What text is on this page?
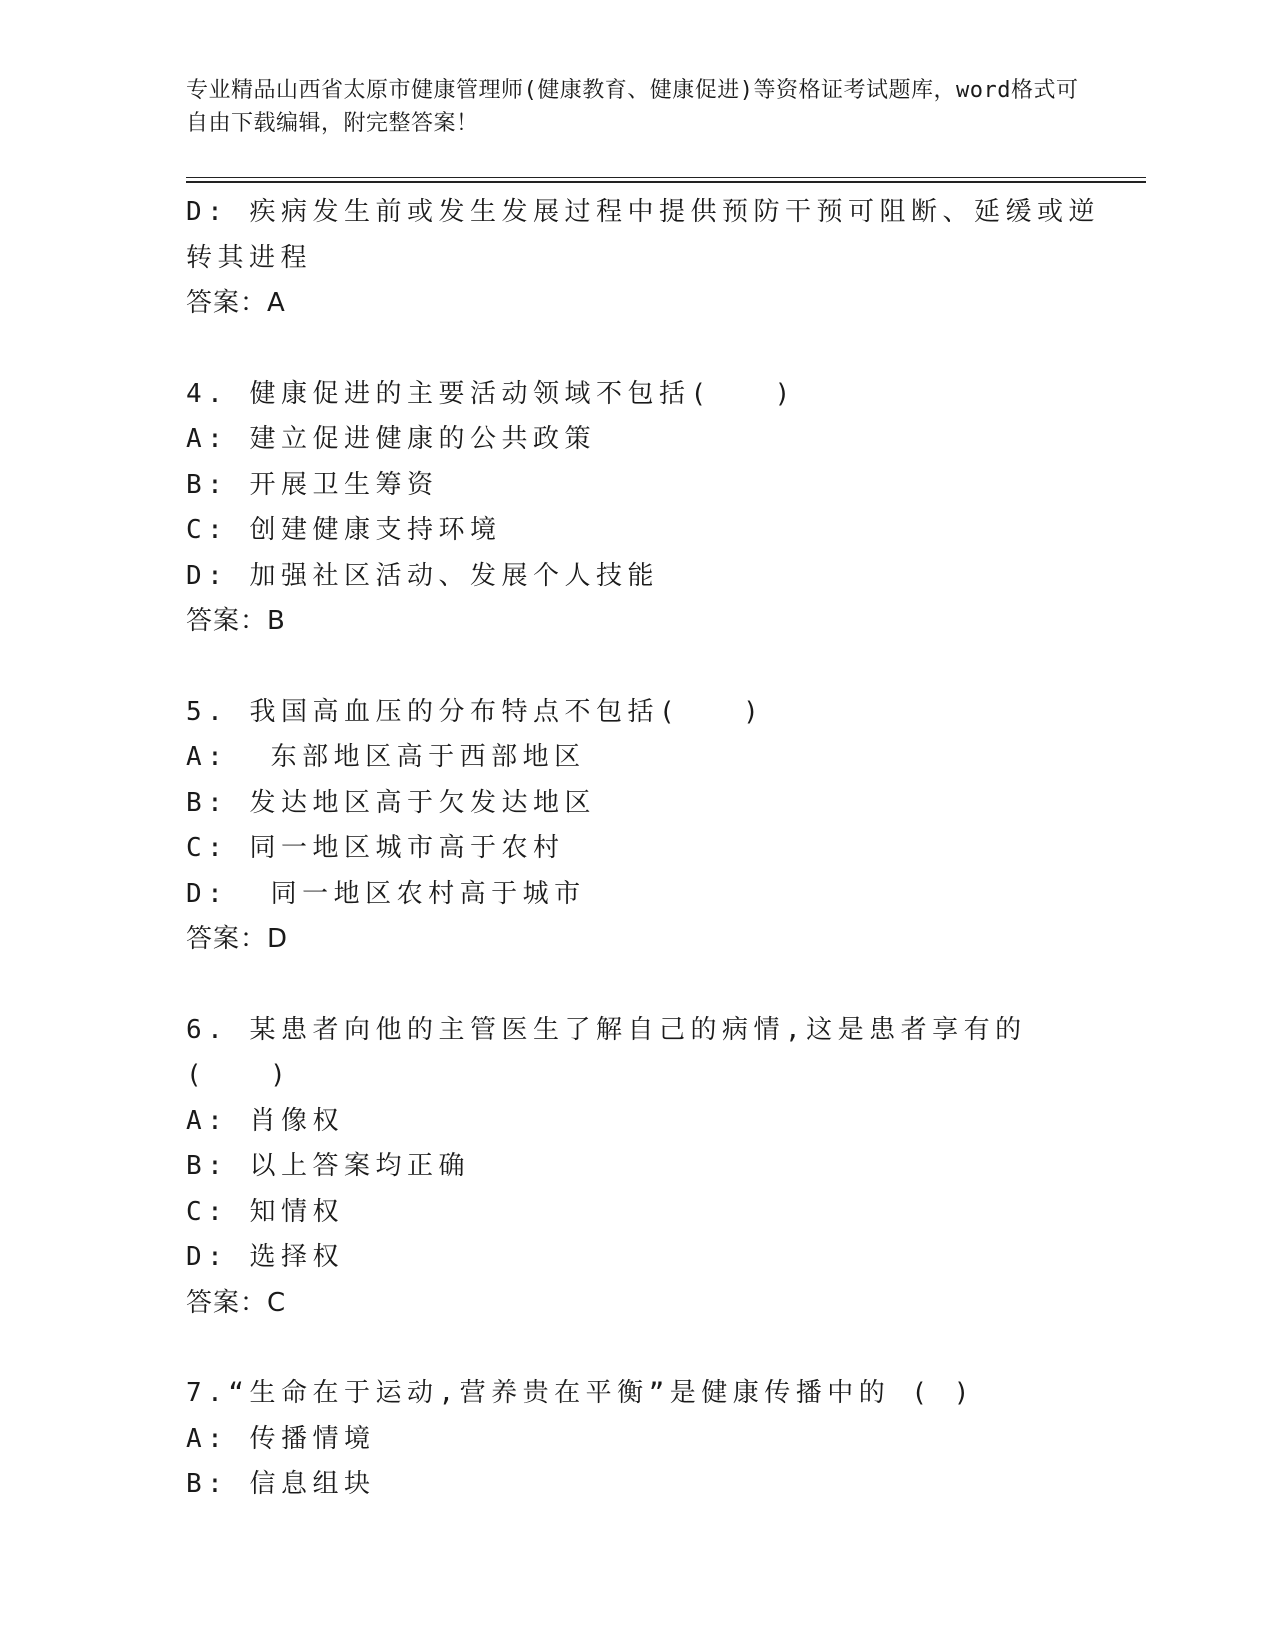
专业精品山西省太原市健康管理师(健康教育、健康促进)等资格证考试题库，word格式可自由下载编辑，附完整答案！

D: 疾病发生前或发生发展过程中提供预防干预可阻断、延缓或逆转其进程

答案：A

4. 健康促进的主要活动领域不包括(　　)

A: 建立促进健康的公共政策

B: 开展卫生筹资

C: 创建健康支持环境

D: 加强社区活动、发展个人技能

答案：B

5. 我国高血压的分布特点不包括(　　)

A:  东部地区高于西部地区

B: 发达地区高于欠发达地区

C: 同一地区城市高于农村

D:  同一地区农村高于城市

答案：D

6. 某患者向他的主管医生了解自己的病情,这是患者享有的(　　)

A: 肖像权

B: 以上答案均正确

C: 知情权

D: 选择权

答案：C

7.“生命在于运动,营养贵在平衡”是健康传播中的 ( )

A: 传播情境

B: 信息组块
